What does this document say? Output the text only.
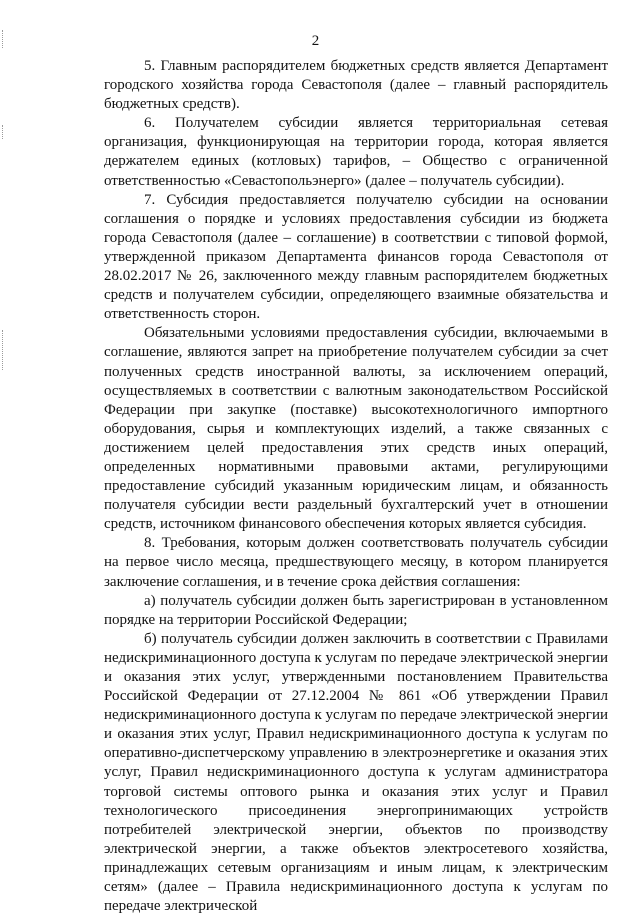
2

5. Главным распорядителем бюджетных средств является Департамент городского хозяйства города Севастополя (далее – главный распорядитель бюджетных средств).

6. Получателем субсидии является территориальная сетевая организация, функционирующая на территории города, которая является держателем единых (котловых) тарифов, – Общество с ограниченной ответственностью «Севастопольэнерго» (далее – получатель субсидии).

7. Субсидия предоставляется получателю субсидии на основании соглашения о порядке и условиях предоставления субсидии из бюджета города Севастополя (далее – соглашение) в соответствии с типовой формой, утвержденной приказом Департамента финансов города Севастополя от 28.02.2017 № 26, заключенного между главным распорядителем бюджетных средств и получателем субсидии, определяющего взаимные обязательства и ответственность сторон.

Обязательными условиями предоставления субсидии, включаемыми в соглашение, являются запрет на приобретение получателем субсидии за счет полученных средств иностранной валюты, за исключением операций, осуществляемых в соответствии с валютным законодательством Российской Федерации при закупке (поставке) высокотехнологичного импортного оборудования, сырья и комплектующих изделий, а также связанных с достижением целей предоставления этих средств иных операций, определенных нормативными правовыми актами, регулирующими предоставление субсидий указанным юридическим лицам, и обязанность получателя субсидии вести раздельный бухгалтерский учет в отношении средств, источником финансового обеспечения которых является субсидия.

8. Требования, которым должен соответствовать получатель субсидии на первое число месяца, предшествующего месяцу, в котором планируется заключение соглашения, и в течение срока действия соглашения:

а) получатель субсидии должен быть зарегистрирован в установленном порядке на территории Российской Федерации;

б) получатель субсидии должен заключить в соответствии с Правилами недискриминационного доступа к услугам по передаче электрической энергии и оказания этих услуг, утвержденными постановлением Правительства Российской Федерации от 27.12.2004 № 861 «Об утверждении Правил недискриминационного доступа к услугам по передаче электрической энергии и оказания этих услуг, Правил недискриминационного доступа к услугам по оперативно-диспетчерскому управлению в электроэнергетике и оказания этих услуг, Правил недискриминационного доступа к услугам администратора торговой системы оптового рынка и оказания этих услуг и Правил технологического присоединения энергопринимающих устройств потребителей электрической энергии, объектов по производству электрической энергии, а также объектов электросетевого хозяйства, принадлежащих сетевым организациям и иным лицам, к электрическим сетям» (далее – Правила недискриминационного доступа к услугам по передаче электрической
